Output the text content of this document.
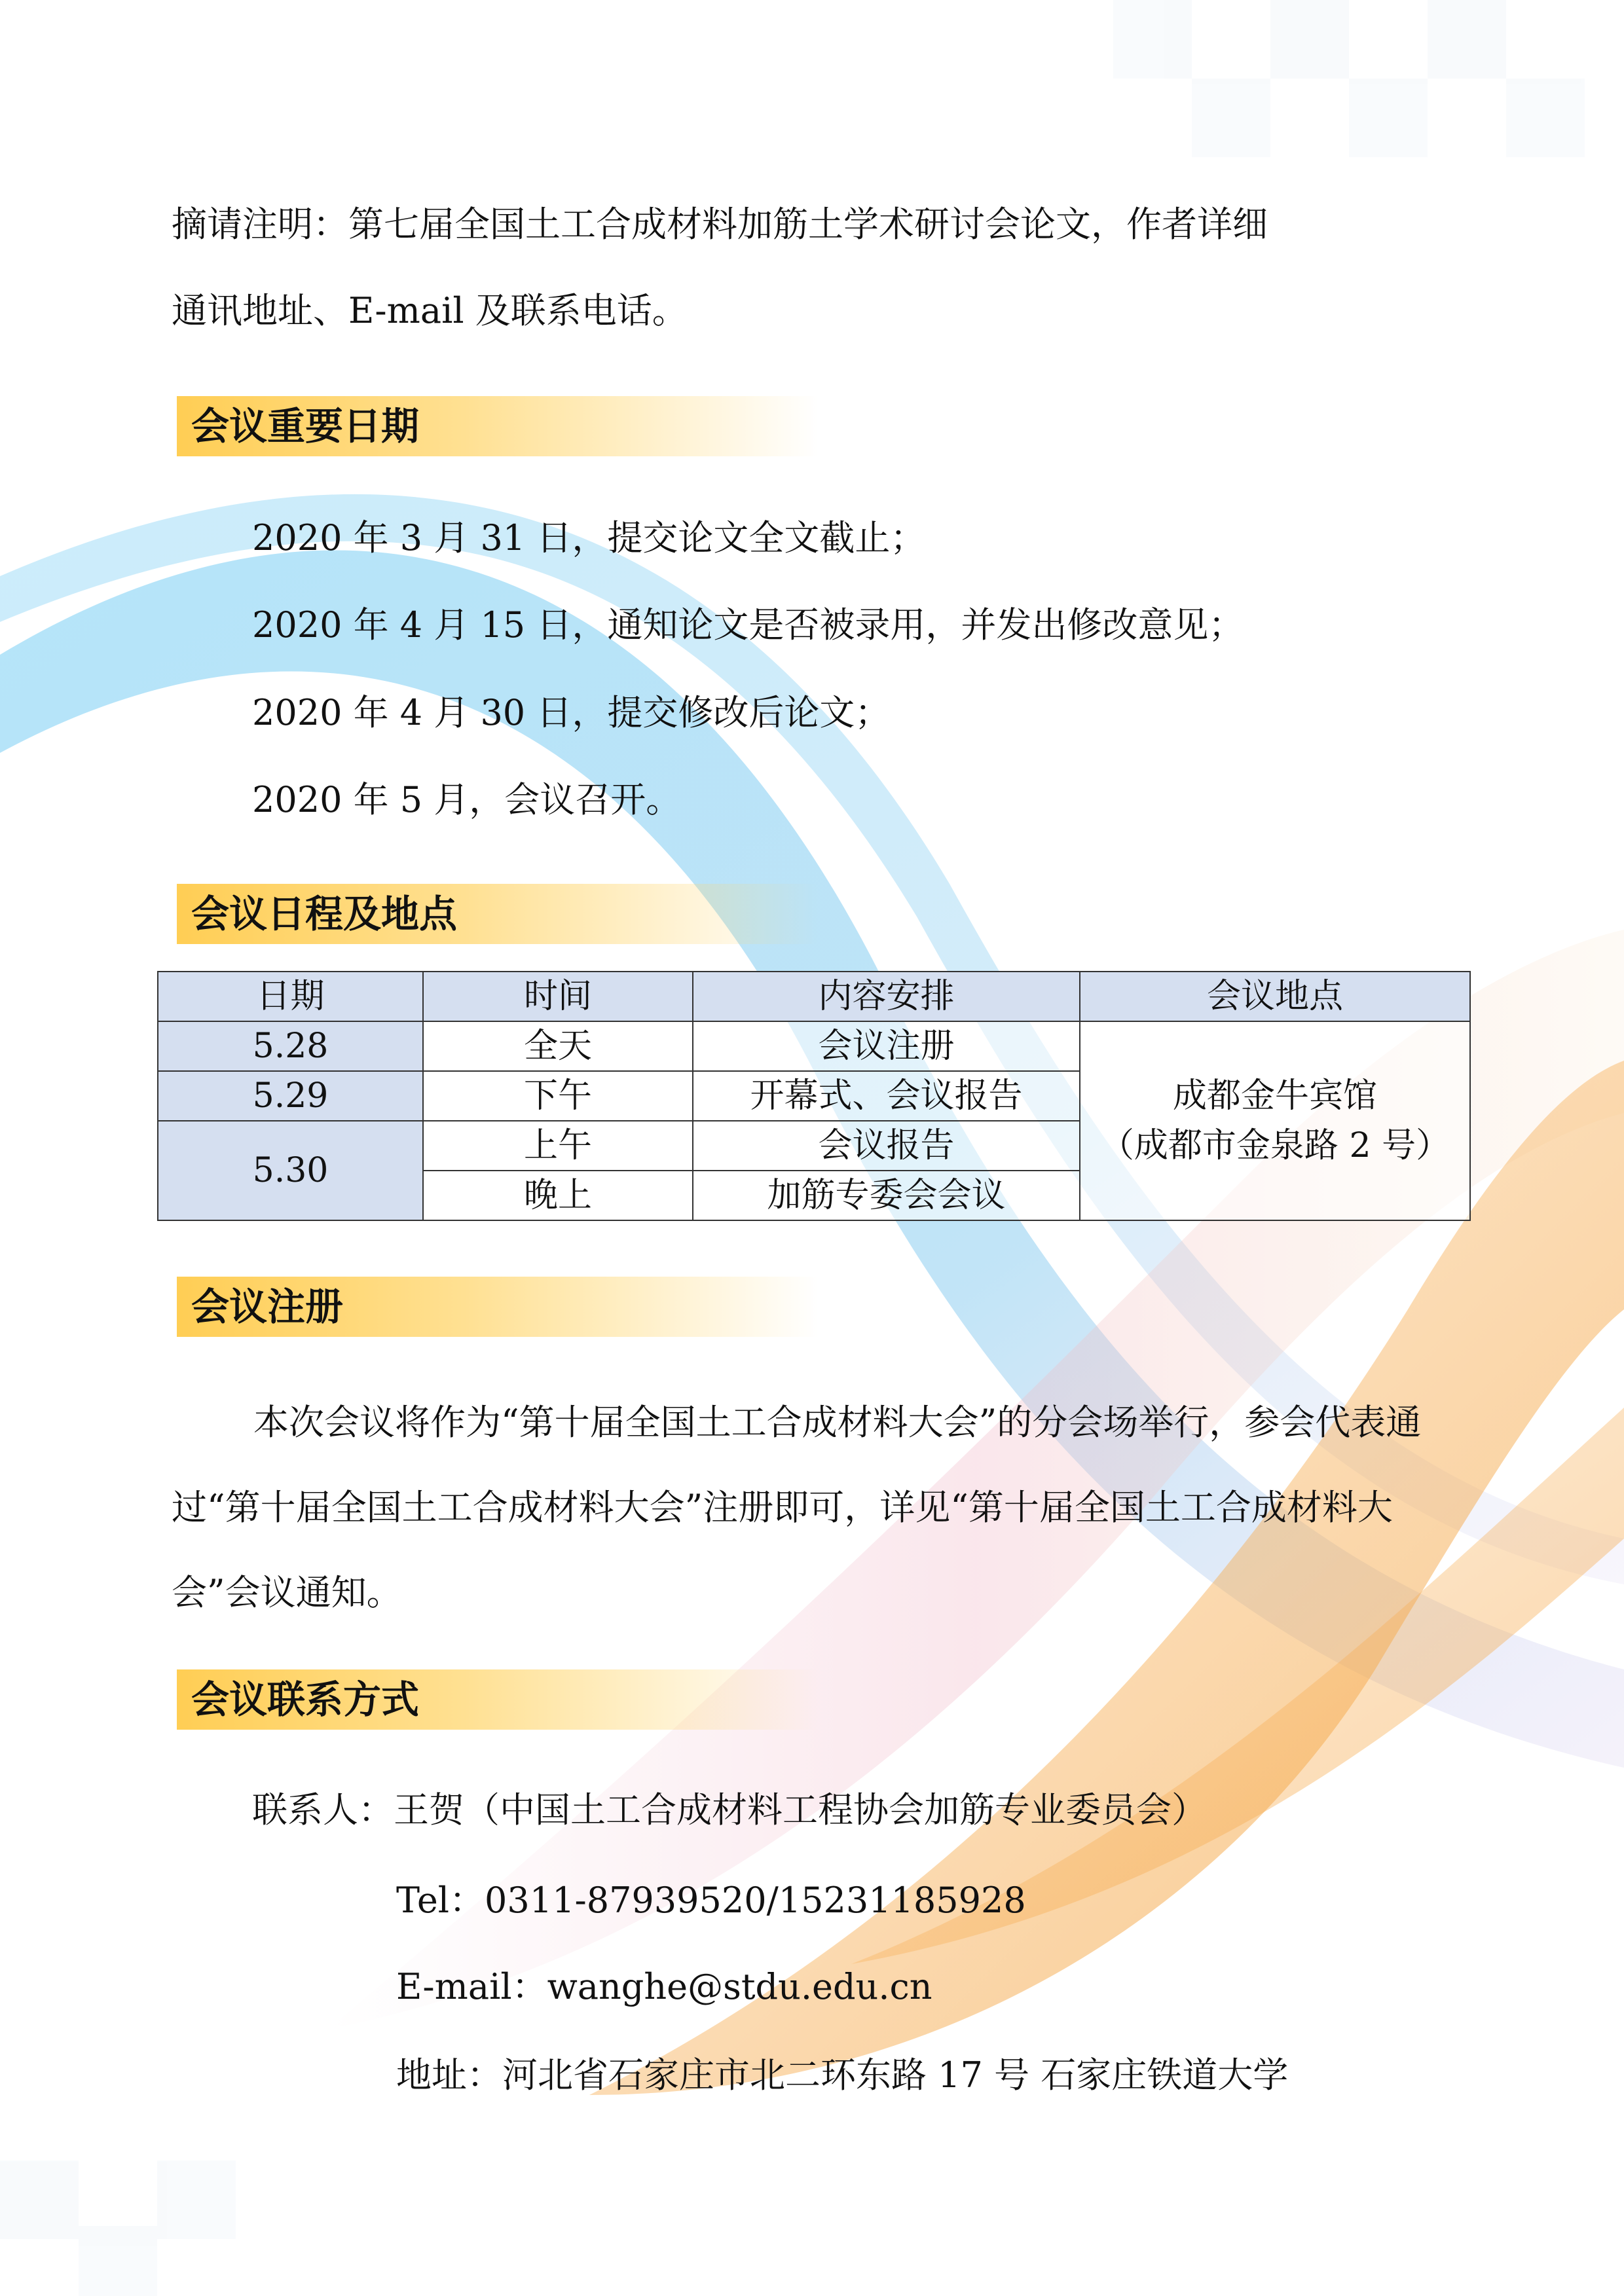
摘请注明：第七届全国土工合成材料加筋土学术研讨会论文，作者详细
通讯地址、E-mail 及联系电话。
会议重要日期
2020 年 3 月 31 日，提交论文全文截止；
2020 年 4 月 15 日，通知论文是否被录用，并发出修改意见；
2020 年 4 月 30 日，提交修改后论文；
2020 年 5 月，会议召开。
会议日程及地点
日期	时间	内容安排	会议地点
5.28	全天	会议注册	成都金牛宾馆
（成都市金泉路 2 号）

5.29	下午	开幕式、会议报告	
5.30	上午	会议报告	
	晚上	加筋专委会会议	
会议注册

本次会议将作为“第十届全国土工合成材料大会”的分会场举行，参会代表通过“第十届全国土工合成材料大会”注册即可，详见“第十届全国土工合成材料大会”会议通知。

会议联系方式
联系人：王贺（中国土工合成材料工程协会加筋专业委员会）
Tel：0311-87939520/15231185928
E-mail：wanghe@stdu.edu.cn
地址：河北省石家庄市北二环东路 17 号 石家庄铁道大学
